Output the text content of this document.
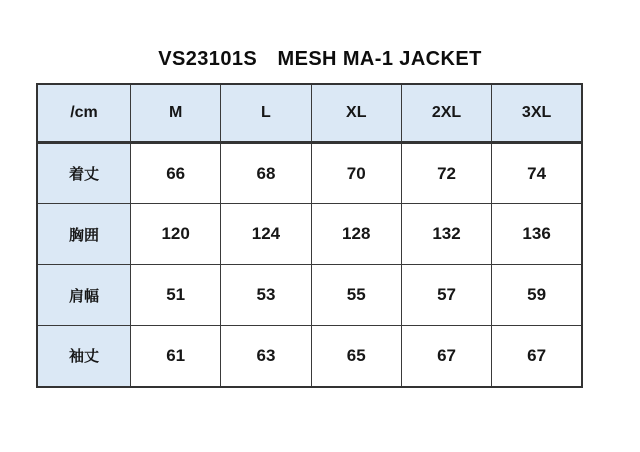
VS23101S　MESH MA-1 JACKET
/cm	M	L	XL	2XL	3XL
着丈	66	68	70	72	74
胸囲	120	124	128	132	136
肩幅	51	53	55	57	59
袖丈	61	63	65	67	67
